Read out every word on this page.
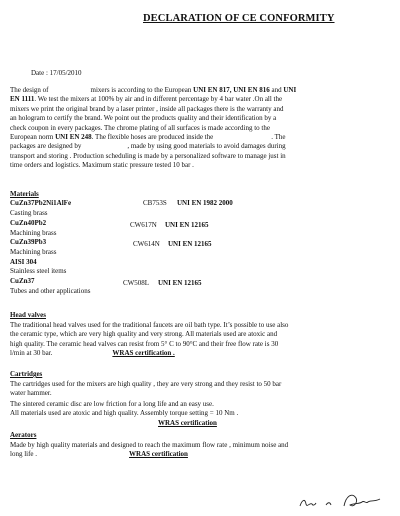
DECLARATION OF CE CONFORMITY
Date : 17/05/2010
The design of	mixers is according to the European UNI EN 817, UNI EN 816 and UNI
EN 1111. We test the mixers at 100% by air and in different percentage by 4 bar water .On all the
mixers we print the original brand by a laser printer , inside all packages there is the warranty and
an hologram to certify the brand. We point out the products quality and their identification by a
check coupon in every packages. The chrome plating of all surfaces is made according to the
European norm UNI EN 248. The flexible hoses are produced inside the	. The
packages are designed by	, made by using good materials to avoid damages during
transport and storing . Production scheduling is made by a personalized software to manage just in
time orders and logistics. Maximum static pressure tested 10 bar .
Materials
CuZn37Pb2Ni1AlFe	CB753S UNI EN 1982 2000
Casting brass
CuZn40Pb2	CW617N UNI EN 12165
Machining brass
CuZn39Pb3	CW614N UNI EN 12165
Machining brass
AISI 304
Stainless steel items
CuZn37	CW508L UNI EN 12165
Tubes and other applications
Head valves
The traditional head valves used for the traditional faucets are oil bath type. It’s possible to use also
the ceramic type, which are very high quality and very strong. All materials used are atoxic and
high quality. The ceramic head valves can resist from 5° C to 90°C and their free flow rate is 30
l/min at 30 bar.	WRAS certification .
Cartridges
The cartridges used for the mixers are high quality , they are very strong and they resist to 50 bar
water hammer.
The sintered ceramic disc are low friction for a long life and an easy use.
All materials used are atoxic and high quality. Assembly torque setting = 10 Nm .
WRAS certification
Aerators
Made by high quality materials and designed to reach the maximum flow rate , minimum noise and
long life .	WRAS certification
